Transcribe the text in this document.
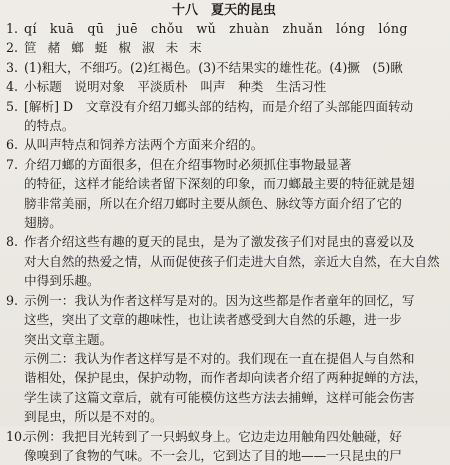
十八　夏天的昆虫
1. qí　kuā　qū　juē　chǒu　wǔ　zhuàn　zhuǎn　lóng　lóng
2. 笸 赭 螂 蜓 椒 淑 未 末
3. (1)粗大，不细巧。(2)红褐色。(3)不结果实的雄性花。(4)撅　(5)瞅
4. 小标题　说明对象　平淡质朴　叫声　种类　生活习性
5. [解析] D　文章没有介绍刀螂头部的结构，而是介绍了头部能四面转动
的特点。
6. 从叫声特点和饲养方法两个方面来介绍的。
7. 介绍刀螂的方面很多，但在介绍事物时必须抓住事物最显著
的特征，这样才能给读者留下深刻的印象，而刀螂最主要的特征就是翅
膀非常美丽，所以在介绍刀螂时主要从颜色、脉纹等方面介绍了它的
翅膀。
8. 作者介绍这些有趣的夏天的昆虫，是为了激发孩子们对昆虫的喜爱以及
对大自然的热爱之情，从而促使孩子们走进大自然，亲近大自然，在大自然
中得到乐趣。
9. 示例一：我认为作者这样写是对的。因为这些都是作者童年的回忆，写
这些，突出了文章的趣味性，也让读者感受到大自然的乐趣，进一步
突出文章主题。
示例二：我认为作者这样写是不对的。我们现在一直在提倡人与自然和
谐相处，保护昆虫，保护动物，而作者却向读者介绍了两种捉蝉的方法，
学生读了这篇文章后，就有可能模仿这些方法去捕蝉，这样可能会伤害
到昆虫，所以是不对的。
10.
示例：我把目光转到了一只蚂蚁身上。它边走边用触角四处触碰，好
像嗅到了食物的气味。不一会儿，它到达了目的地——一只昆虫的尸
